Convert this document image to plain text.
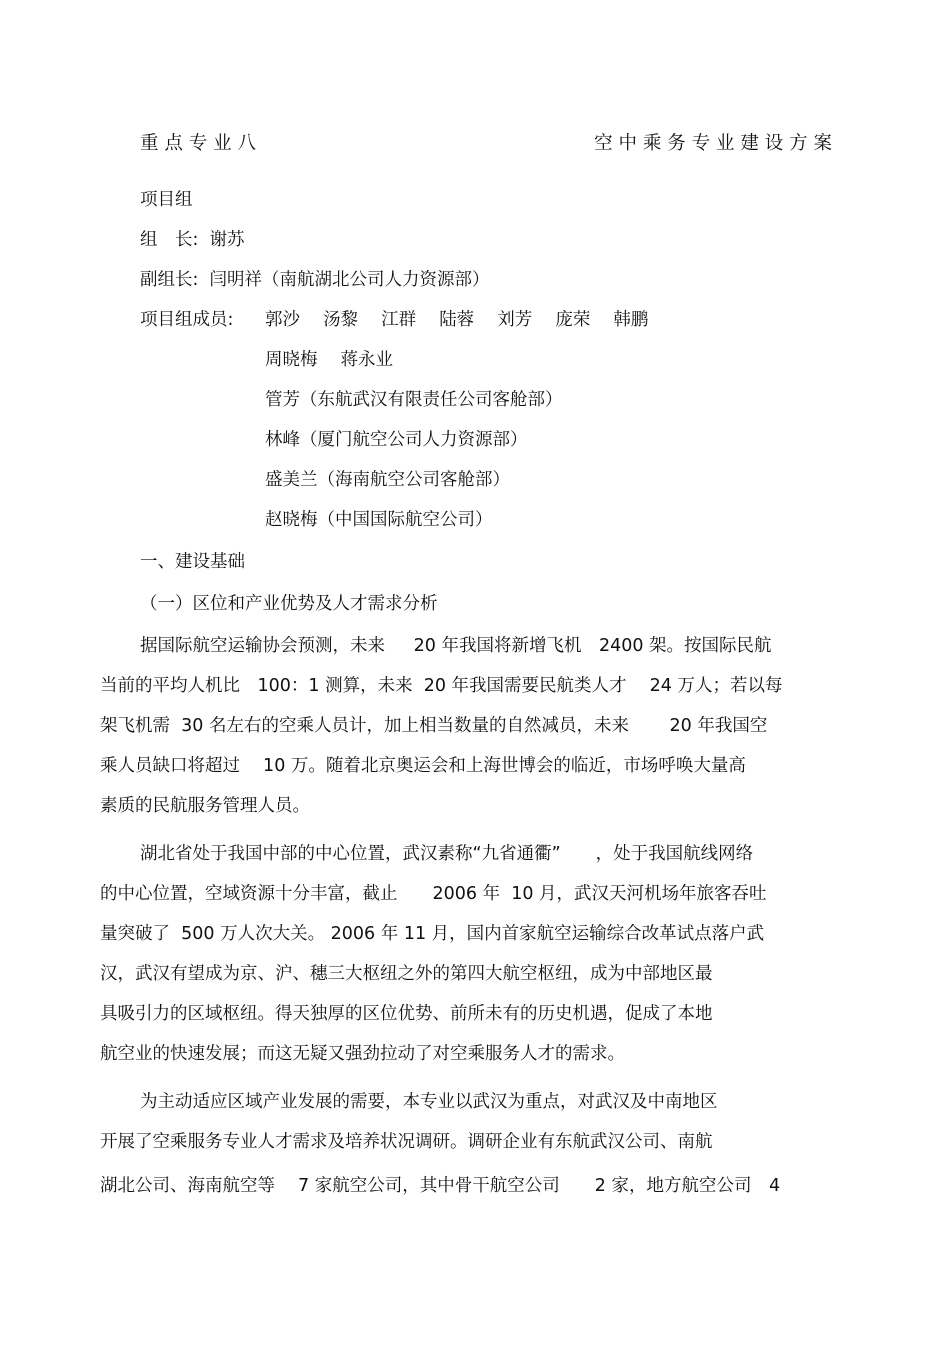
重 点 专 业 八	空 中 乘 务 专 业 建 设 方 案
项目组
组　长:  谢苏
副组长:  闫明祥（南航湖北公司人力资源部）
项目组成员: 郭沙　 汤黎　 江群　 陆蓉　 刘芳　 庞荣　 韩鹏
周晓梅　 蒋永业
管芳（东航武汉有限责任公司客舱部）
林峰（厦门航空公司人力资源部）
盛美兰（海南航空公司客舱部）
赵晓梅（中国国际航空公司）
一、建设基础
（一）区位和产业优势及人才需求分析
据国际航空运输协会预测，未来　  20 年我国将新增飞机　2400 架。按国际民航
当前的平均人机比　100：1 测算，未来  20 年我国需要民航类人才　 24 万人；若以每
架飞机需  30 名左右的空乘人员计，加上相当数量的自然减员，未来　　 20 年我国空
乘人员缺口将超过　 10 万。随着北京奥运会和上海世博会的临近，市场呼唤大量高
素质的民航服务管理人员。
湖北省处于我国中部的中心位置，武汉素称“九省通衢”　　，处于我国航线网络
的中心位置，空域资源十分丰富，截止　　2006 年  10 月，武汉天河机场年旅客吞吐
量突破了  500 万人次大关。 2006 年 11 月，国内首家航空运输综合改革试点落户武
汉，武汉有望成为京、沪、穗三大枢纽之外的第四大航空枢纽，成为中部地区最
具吸引力的区域枢纽。得天独厚的区位优势、前所未有的历史机遇，促成了本地
航空业的快速发展；而这无疑又强劲拉动了对空乘服务人才的需求。
为主动适应区域产业发展的需要，本专业以武汉为重点，对武汉及中南地区
开展了空乘服务专业人才需求及培养状况调研。调研企业有东航武汉公司、南航
湖北公司、海南航空等　 7 家航空公司，其中骨干航空公司　　2 家，地方航空公司　4
